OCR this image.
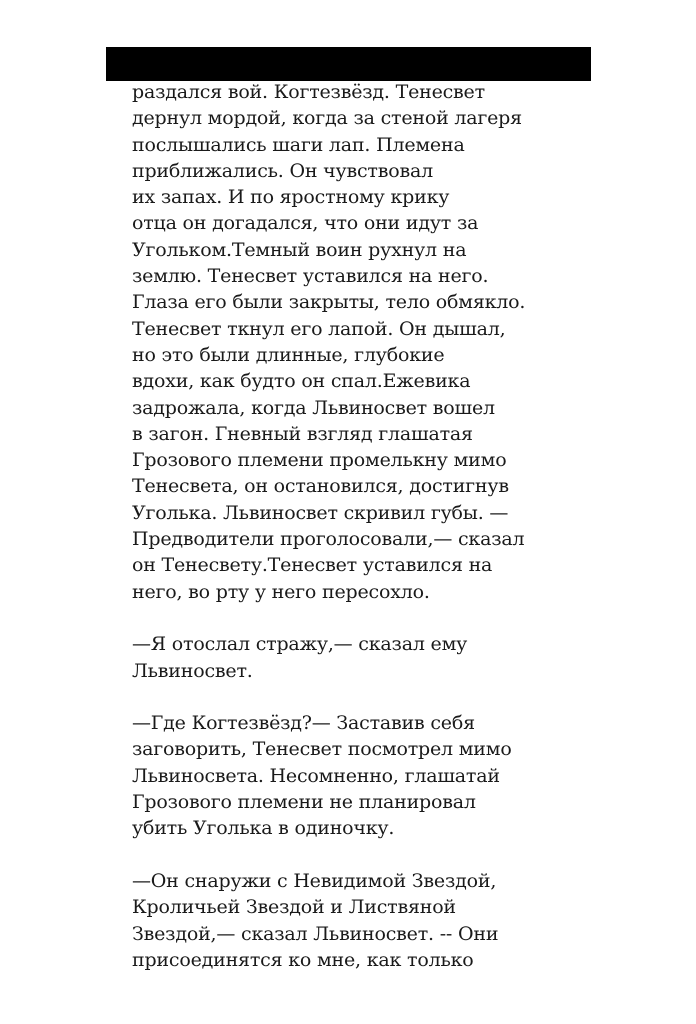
раздался вой. Когтезвёзд. Тенесвет
дернул мордой, когда за стеной лагеря
послышались шаги лап. Племена
приближались. Он чувствовал
их запах. И по яростному крику
отца он догадался, что они идут за
Угольком.Темный воин рухнул на
землю. Тенесвет уставился на него.
Глаза его были закрыты, тело обмякло.
Тенесвет ткнул его лапой. Он дышал,
но это были длинные, глубокие
вдохи, как будто он спал.Ежевика
задрожала, когда Львиносвет вошел
в загон. Гневный взгляд глашатая
Грозового племени промелькну мимо
Тенесвета, он остановился, достигнув
Уголька. Львиносвет скривил губы. —
Предводители проголосовали,— сказал
он Тенесвету.Тенесвет уставился на
него, во рту у него пересохло.

—Я отослал стражу,— сказал ему
Львиносвет.

—Где Когтезвёзд?— Заставив себя
заговорить, Тенесвет посмотрел мимо
Львиносвета. Несомненно, глашатай
Грозового племени не планировал
убить Уголька в одиночку.

—Он снаружи с Невидимой Звездой,
Кроличьей Звездой и Листвяной
Звездой,— сказал Львиносвет. -- Они
присоединятся ко мне, как только
